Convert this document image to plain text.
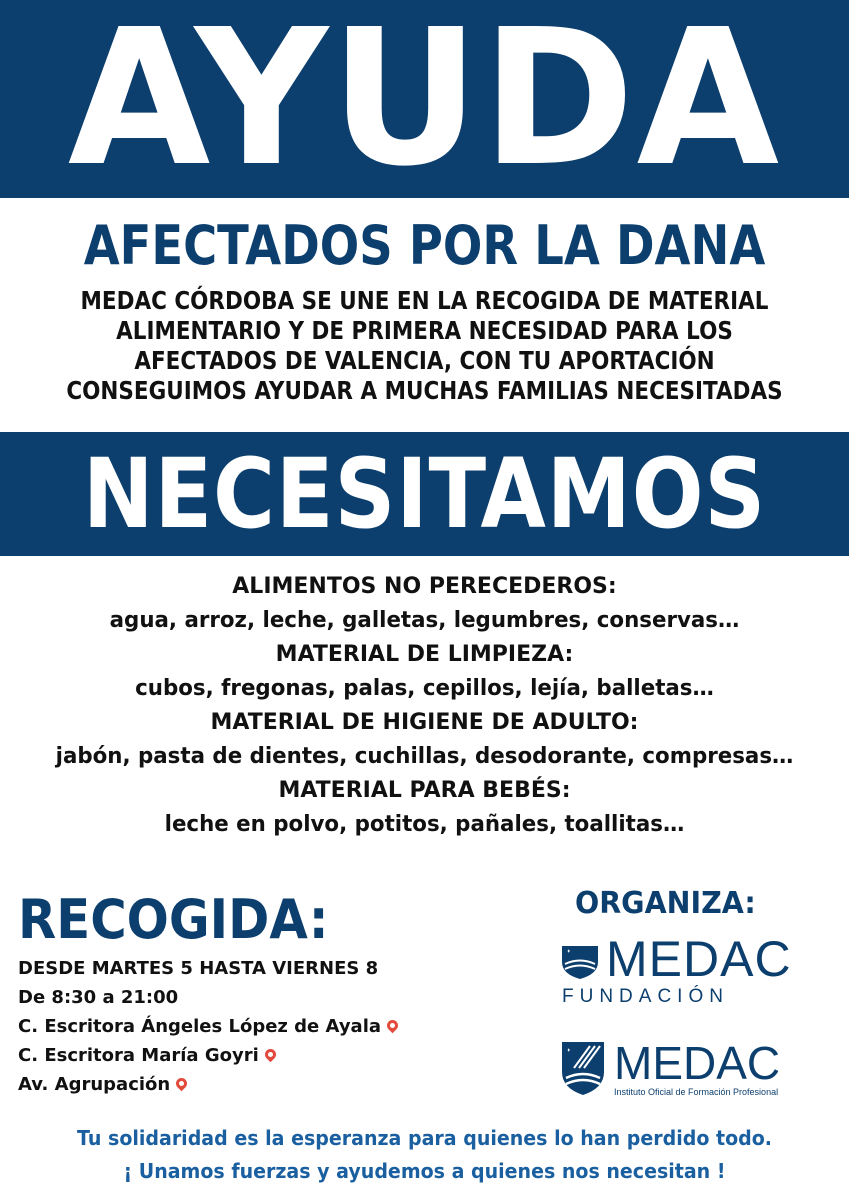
AYUDA
AFECTADOS POR LA DANA
MEDAC CÓRDOBA SE UNE EN LA RECOGIDA DE MATERIAL
ALIMENTARIO Y DE PRIMERA NECESIDAD PARA LOS
AFECTADOS DE VALENCIA, CON TU APORTACIÓN
CONSEGUIMOS AYUDAR A MUCHAS FAMILIAS NECESITADAS
NECESITAMOS
ALIMENTOS NO PERECEDEROS:
agua, arroz, leche, galletas, legumbres, conservas…
MATERIAL DE LIMPIEZA:
cubos, fregonas, palas, cepillos, lejía, balletas…
MATERIAL DE HIGIENE DE ADULTO:
jabón, pasta de dientes, cuchillas, desodorante, compresas…
MATERIAL PARA BEBÉS:
leche en polvo, potitos, pañales, toallitas…
RECOGIDA:
DESDE MARTES 5 HASTA VIERNES 8
De 8:30 a 21:00
C. Escritora Ángeles López de Ayala
C. Escritora María Goyri
Av. Agrupación
ORGANIZA:
MEDAC
FUNDACIÓN
MEDAC
Instituto Oficial de Formación Profesional
Tu solidaridad es la esperanza para quienes lo han perdido todo.
¡ Unamos fuerzas y ayudemos a quienes nos necesitan !
